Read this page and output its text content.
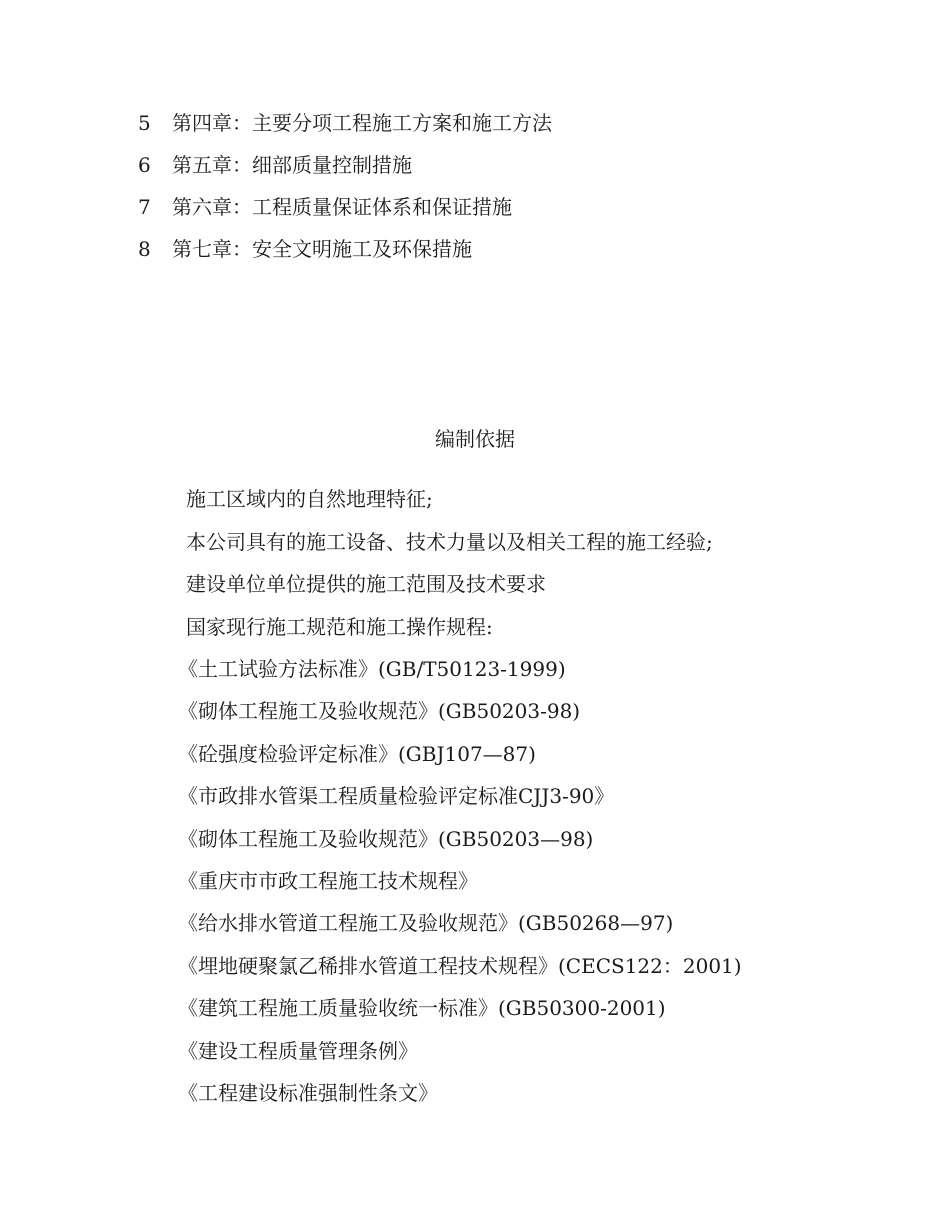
5	第四章：主要分项工程施工方案和施工方法
6	第五章：细部质量控制措施
7	第六章：工程质量保证体系和保证措施
8	第七章：安全文明施工及环保措施
编制依据
施工区域内的自然地理特征;
本公司具有的施工设备、技术力量以及相关工程的施工经验;
建设单位单位提供的施工范围及技术要求
国家现行施工规范和施工操作规程:
《土工试验方法标准》(GB/T50123-1999)
《砌体工程施工及验收规范》(GB50203-98)
《砼强度检验评定标准》(GBJ107—87)
《市政排水管渠工程质量检验评定标准CJJ3-90》
《砌体工程施工及验收规范》(GB50203—98)
《重庆市市政工程施工技术规程》
《给水排水管道工程施工及验收规范》(GB50268—97)
《埋地硬聚氯乙稀排水管道工程技术规程》(CECS122：2001)
《建筑工程施工质量验收统一标准》(GB50300-2001)
《建设工程质量管理条例》
《工程建设标准强制性条文》
